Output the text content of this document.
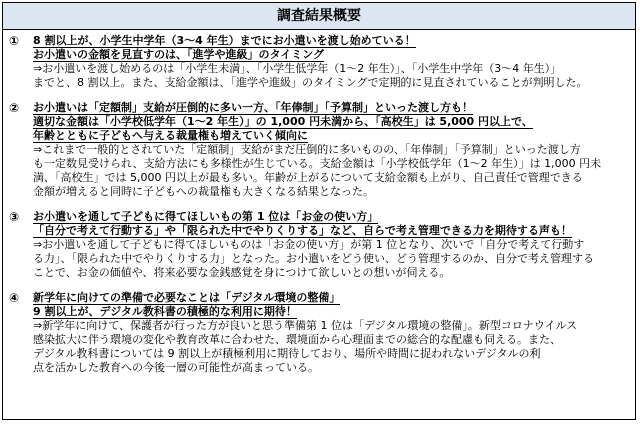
調査結果概要
① 8 割以上が、小学生中学年（3～4 年生）までにお小遣いを渡し始めている！
お小遣いの金額を見直すのは、「進学や進級」のタイミング
⇒お小遣いを渡し始めるのは「小学生未満」、「小学生低学年（1～2 年生）」、「小学生中学年（3～4 年生）」
までと、8 割以上。また、支給金額は、「進学や進級」のタイミングで定期的に見直されていることが判明した。
② お小遣いは「定額制」支給が圧倒的に多い一方、「年俸制」「予算制」といった渡し方も！
適切な金額は「小学校低学年（1～2 年生）」の 1,000 円未満から、「高校生」は 5,000 円以上で、
年齢とともに子どもへ与える裁量権も増えていく傾向に
⇒これまで一般的とされていた「定額制」支給がまだ圧倒的に多いものの、「年俸制」「予算制」といった渡し方
も一定数見受けられ、支給方法にも多様性が生じている。支給金額は「小学校低学年（1～2 年生）」は 1,000 円未
満、「高校生」では 5,000 円以上が最も多い。年齢が上がるについて支給金額も上がり、自己責任で管理できる
金額が増えると同時に子どもへの裁量権も大きくなる結果となった。
③ お小遣いを通して子どもに得てほしいもの第 1 位は「お金の使い方」
「自分で考えて行動する」や「限られた中でやりくりする」など、自らで考え管理できる力を期待する声も！
⇒お小遣いを通して子どもに得てほしいものは「お金の使い方」が第 1 位となり、次いで「自分で考えて行動す
る力」、「限られた中でやりくりする力」となった。お小遣いをどう使い、どう管理するのか、自分で考え管理する
ことで、お金の価値や、将来必要な金銭感覚を身につけて欲しいとの想いが伺える。
④ 新学年に向けての準備で必要なことは「デジタル環境の整備」
9 割以上が、デジタル教科書の積極的な利用に期待！
⇒新学年に向けて、保護者が行った方が良いと思う準備第 1 位は「デジタル環境の整備」。新型コロナウイルス
感染拡大に伴う環境の変化や教育改革に合わせた、環境面から心理面までの総合的な配慮も伺える。また、
デジタル教科書については 9 割以上が積極利用に期待しており、場所や時間に捉われないデジタルの利
点を活かした教育への今後一層の可能性が高まっている。
